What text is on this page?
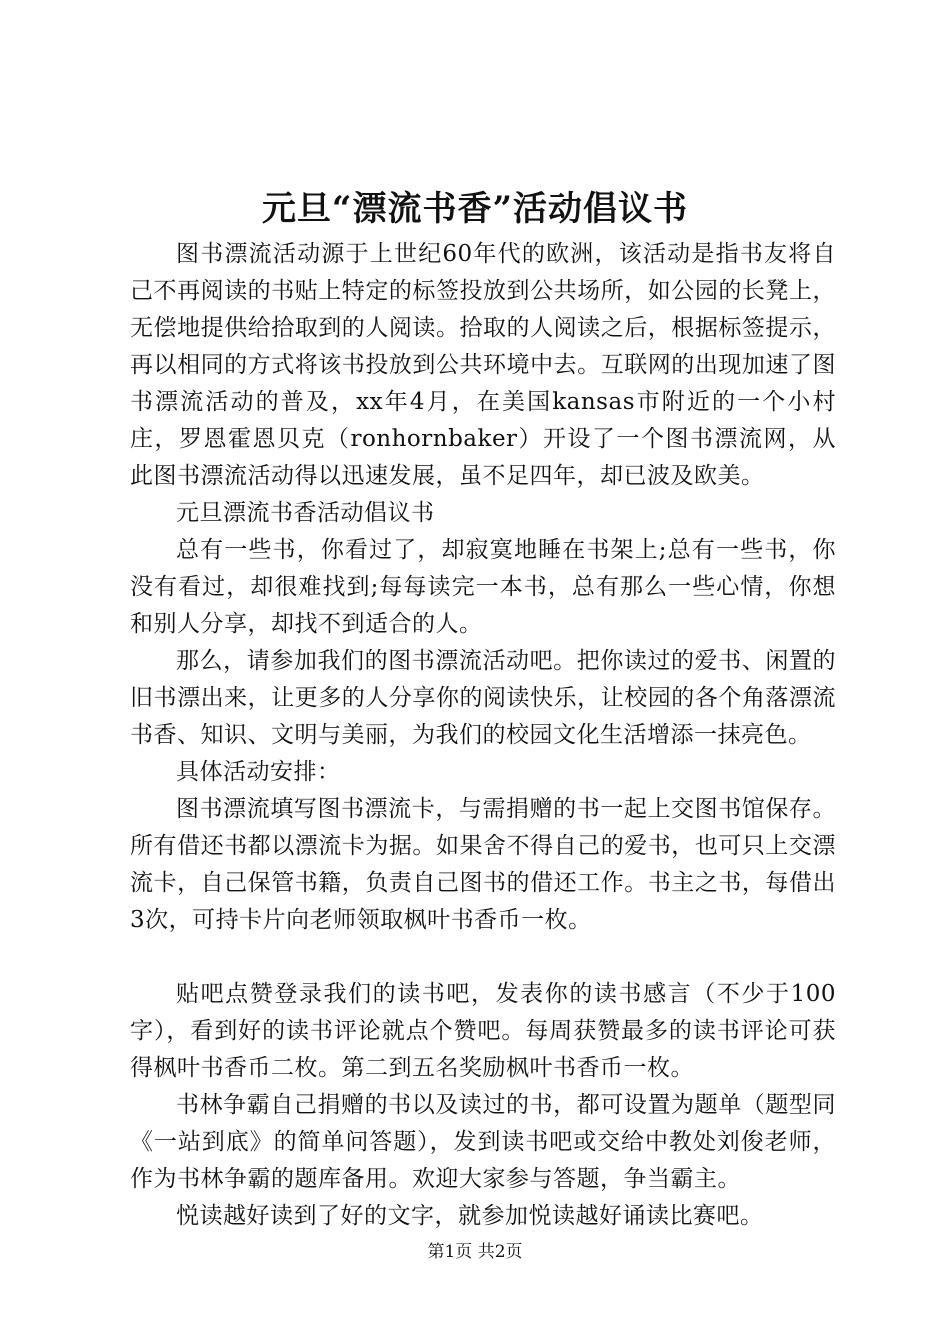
元旦“漂流书香”活动倡议书

图书漂流活动源于上世纪60年代的欧洲，该活动是指书友将自己不再阅读的书贴上特定的标签投放到公共场所，如公园的长凳上，无偿地提供给拾取到的人阅读。拾取的人阅读之后，根据标签提示，再以相同的方式将该书投放到公共环境中去。互联网的出现加速了图书漂流活动的普及，xx年4月，在美国kansas市附近的一个小村庄，罗恩霍恩贝克（ronhornbaker）开设了一个图书漂流网，从此图书漂流活动得以迅速发展，虽不足四年，却已波及欧美。

元旦漂流书香活动倡议书

总有一些书，你看过了，却寂寞地睡在书架上;总有一些书，你没有看过，却很难找到;每每读完一本书，总有那么一些心情，你想和别人分享，却找不到适合的人。

那么，请参加我们的图书漂流活动吧。把你读过的爱书、闲置的旧书漂出来，让更多的人分享你的阅读快乐，让校园的各个角落漂流书香、知识、文明与美丽，为我们的校园文化生活增添一抹亮色。

具体活动安排：

图书漂流填写图书漂流卡，与需捐赠的书一起上交图书馆保存。所有借还书都以漂流卡为据。如果舍不得自己的爱书，也可只上交漂流卡，自己保管书籍，负责自己图书的借还工作。书主之书，每借出3次，可持卡片向老师领取枫叶书香币一枚。

贴吧点赞登录我们的读书吧，发表你的读书感言（不少于100字），看到好的读书评论就点个赞吧。每周获赞最多的读书评论可获得枫叶书香币二枚。第二到五名奖励枫叶书香币一枚。

书林争霸自己捐赠的书以及读过的书，都可设置为题单（题型同《一站到底》的简单问答题），发到读书吧或交给中教处刘俊老师，作为书林争霸的题库备用。欢迎大家参与答题，争当霸主。

悦读越好读到了好的文字，就参加悦读越好诵读比赛吧。

第1页 共2页
